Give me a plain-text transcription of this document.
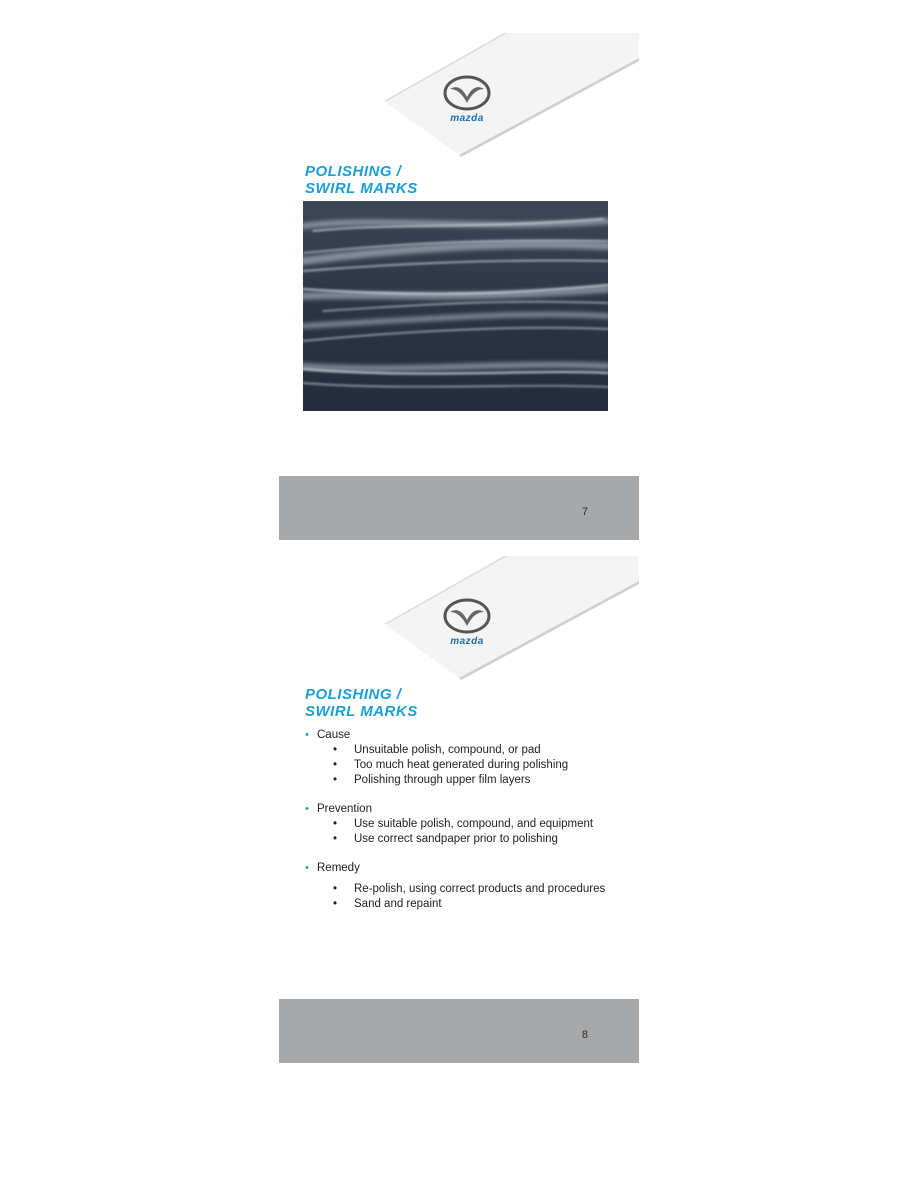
mazda
POLISHING /
SWIRL MARKS
7
mazda
POLISHING /
SWIRL MARKS
• Cause
• Unsuitable polish, compound, or pad
• Too much heat generated during polishing
• Polishing through upper film layers
• Prevention
• Use suitable polish, compound, and equipment
• Use correct sandpaper prior to polishing
• Remedy
• Re-polish, using correct products and procedures
• Sand and repaint
8
